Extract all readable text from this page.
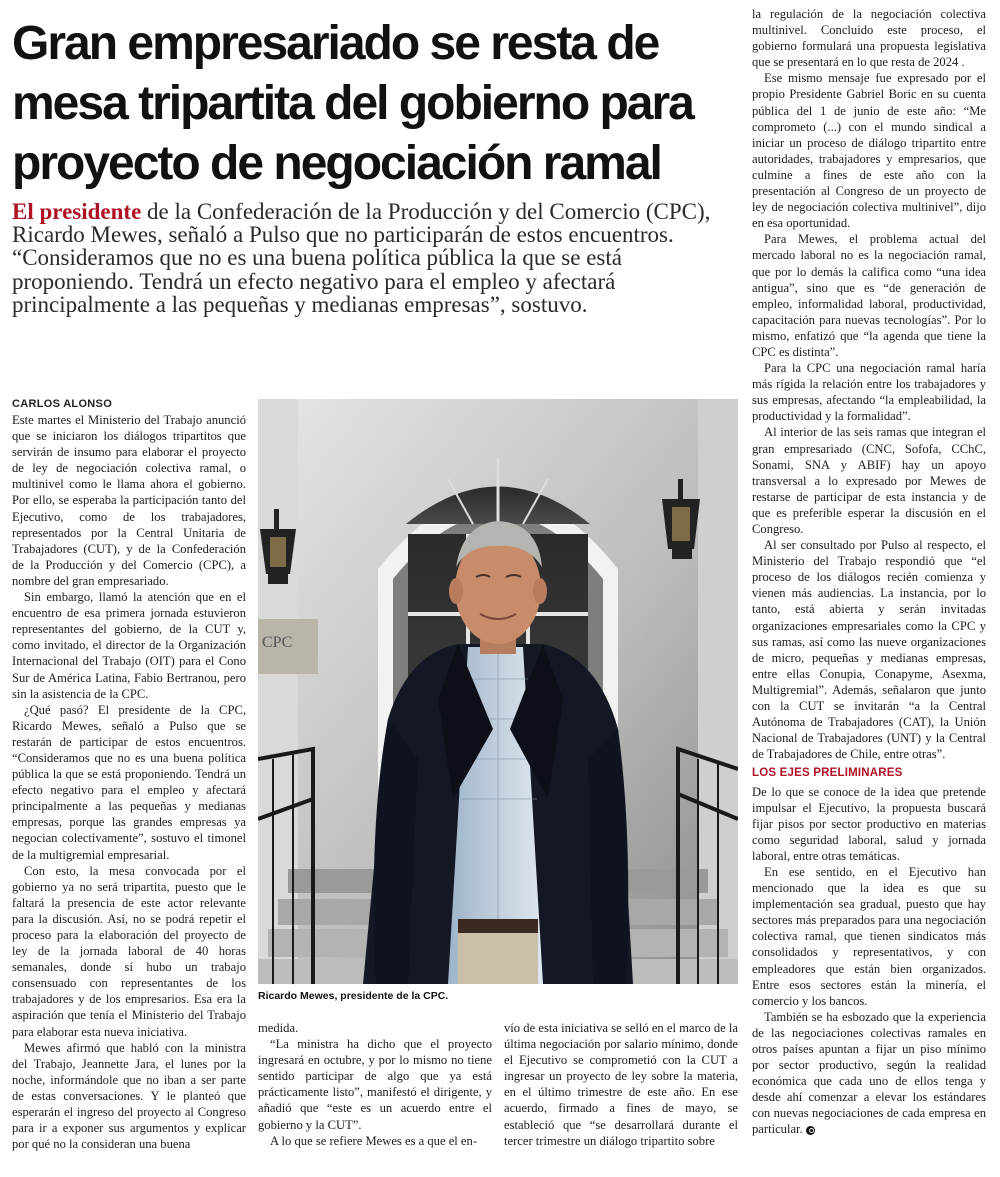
Gran empresariado se resta de mesa tripartita del gobierno para proyecto de negociación ramal

El presidente de la Confederación de la Producción y del Comercio (CPC), Ricardo Mewes, señaló a Pulso que no participarán de estos encuentros. “Consideramos que no es una buena política pública la que se está proponiendo. Tendrá un efecto negativo para el empleo y afectará principalmente a las pequeñas y medianas empresas”, sostuvo.

CARLOS ALONSO

Este martes el Ministerio del Trabajo anunció que se iniciaron los diálogos tripartitos que servirán de insumo para elaborar el proyecto de ley de negociación colectiva ramal, o multinivel como le llama ahora el gobierno. Por ello, se esperaba la participación tanto del Ejecutivo, como de los trabajadores, representados por la Central Unitaria de Trabajadores (CUT), y de la Confederación de la Producción y del Comercio (CPC), a nombre del gran empresariado.

Sin embargo, llamó la atención que en el encuentro de esa primera jornada estuvieron representantes del gobierno, de la CUT y, como invitado, el director de la Organización Internacional del Trabajo (OIT) para el Cono Sur de América Latina, Fabio Bertranou, pero sin la asistencia de la CPC.

¿Qué pasó? El presidente de la CPC, Ricardo Mewes, señaló a Pulso que se restarán de participar de estos encuentros. “Consideramos que no es una buena política pública la que se está proponiendo. Tendrá un efecto negativo para el empleo y afectará principalmente a las pequeñas y medianas empresas, porque las grandes empresas ya negocian colectivamente”, sostuvo el timonel de la multigremial empresarial.

Con esto, la mesa convocada por el gobierno ya no será tripartita, puesto que le faltará la presencia de este actor relevante para la discusión. Así, no se podrá repetir el proceso para la elaboración del proyecto de ley de la jornada laboral de 40 horas semanales, donde sí hubo un trabajo consensuado con representantes de los trabajadores y de los empresarios. Esa era la aspiración que tenía el Ministerio del Trabajo para elaborar esta nueva iniciativa.

Mewes afirmó que habló con la ministra del Trabajo, Jeannette Jara, el lunes por la noche, informándole que no iban a ser parte de estas conversaciones. Y le planteó que esperarán el ingreso del proyecto al Congreso para ir a exponer sus argumentos y explicar por qué no la consideran una buena

CPC

Ricardo Mewes, presidente de la CPC.

medida.

“La ministra ha dicho que el proyecto ingresará en octubre, y por lo mismo no tiene sentido participar de algo que ya está prácticamente listo”, manifestó el dirigente, y añadió que “este es un acuerdo entre el gobierno y la CUT”.

A lo que se refiere Mewes es a que el en-

vío de esta iniciativa se selló en el marco de la última negociación por salario mínimo, donde el Ejecutivo se comprometió con la CUT a ingresar un proyecto de ley sobre la materia, en el último trimestre de este año. En ese acuerdo, firmado a fines de mayo, se estableció que “se desarrollará durante el tercer trimestre un diálogo tripartito sobre

la regulación de la negociación colectiva multinivel. Concluido este proceso, el gobierno formulará una propuesta legislativa que se presentará en lo que resta de 2024 .

Ese mismo mensaje fue expresado por el propio Presidente Gabriel Boric en su cuenta pública del 1 de junio de este año: “Me comprometo (...) con el mundo sindical a iniciar un proceso de diálogo tripartito entre autoridades, trabajadores y empresarios, que culmine a fines de este año con la presentación al Congreso de un proyecto de ley de negociación colectiva multinivel”, dijo en esa oportunidad.

Para Mewes, el problema actual del mercado laboral no es la negociación ramal, que por lo demás la califica como “una idea antigua”, sino que es “de generación de empleo, informalidad laboral, productividad, capacitación para nuevas tecnologías”. Por lo mismo, enfatizó que “la agenda que tiene la CPC es distinta”.

Para la CPC una negociación ramal haría más rígida la relación entre los trabajadores y sus empresas, afectando “la empleabilidad, la productividad y la formalidad”.

Al interior de las seis ramas que integran el gran empresariado (CNC, Sofofa, CChC, Sonami, SNA y ABIF) hay un apoyo transversal a lo expresado por Mewes de restarse de participar de esta instancia y de que es preferible esperar la discusión en el Congreso.

Al ser consultado por Pulso al respecto, el Ministerio del Trabajo respondió que “el proceso de los diálogos recién comienza y vienen más audiencias. La instancia, por lo tanto, está abierta y serán invitadas organizaciones empresariales como la CPC y sus ramas, así como las nueve organizaciones de micro, pequeñas y medianas empresas, entre ellas Conupia, Conapyme, Asexma, Multigremial”. Además, señalaron que junto con la CUT se invitarán “a la Central Autónoma de Trabajadores (CAT), la Unión Nacional de Trabajadores (UNT) y la Central de Trabajadores de Chile, entre otras”.

LOS EJES PRELIMINARES

De lo que se conoce de la idea que pretende impulsar el Ejecutivo, la propuesta buscará fijar pisos por sector productivo en materias como seguridad laboral, salud y jornada laboral, entre otras temáticas.

En ese sentido, en el Ejecutivo han mencionado que la idea es que su implementación sea gradual, puesto que hay sectores más preparados para una negociación colectiva ramal, que tienen sindicatos más consolidados y representativos, y con empleadores que están bien organizados. Entre esos sectores están la minería, el comercio y los bancos.

También se ha esbozado que la experiencia de las negociaciones colectivas ramales en otros países apuntan a fijar un piso mínimo por sector productivo, según la realidad económica que cada uno de ellos tenga y desde ahí comenzar a elevar los estándares con nuevas negociaciones de cada empresa en particular.
